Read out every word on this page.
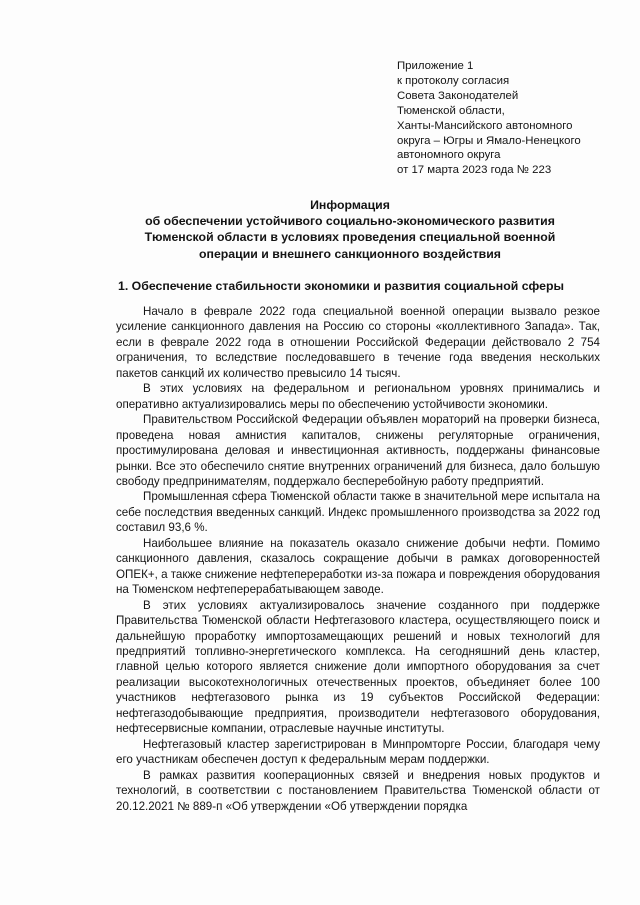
Приложение 1
к протоколу согласия
Совета Законодателей
Тюменской области,
Ханты-Мансийского автономного
округа – Югры и Ямало-Ненецкого
автономного округа
от 17 марта 2023 года № 223
Информация
об обеспечении устойчивого социально-экономического развития
Тюменской области в условиях проведения специальной военной
операции и внешнего санкционного воздействия
1. Обеспечение стабильности экономики и развития социальной сферы

Начало в феврале 2022 года специальной военной операции вызвало резкое усиление санкционного давления на Россию со стороны «коллективного Запада». Так, если в феврале 2022 года в отношении Российской Федерации действовало 2 754 ограничения, то вследствие последовавшего в течение года введения нескольких пакетов санкций их количество превысило 14 тысяч.

В этих условиях на федеральном и региональном уровнях принимались и оперативно актуализировались меры по обеспечению устойчивости экономики.

Правительством Российской Федерации объявлен мораторий на проверки бизнеса, проведена новая амнистия капиталов, снижены регуляторные ограничения, простимулирована деловая и инвестиционная активность, поддержаны финансовые рынки. Все это обеспечило снятие внутренних ограничений для бизнеса, дало большую свободу предпринимателям, поддержало бесперебойную работу предприятий.

Промышленная сфера Тюменской области также в значительной мере испытала на себе последствия введенных санкций. Индекс промышленного производства за 2022 год составил 93,6 %.

Наибольшее влияние на показатель оказало снижение добычи нефти. Помимо санкционного давления, сказалось сокращение добычи в рамках договоренностей ОПЕК+, а также снижение нефтепереработки из-за пожара и повреждения оборудования на Тюменском нефтеперерабатывающем заводе.

В этих условиях актуализировалось значение созданного при поддержке Правительства Тюменской области Нефтегазового кластера, осуществляющего поиск и дальнейшую проработку импортозамещающих решений и новых технологий для предприятий топливно-энергетического комплекса. На сегодняшний день кластер, главной целью которого является снижение доли импортного оборудования за счет реализации высокотехнологичных отечественных проектов, объединяет более 100 участников нефтегазового рынка из 19 субъектов Российской Федерации: нефтегазодобывающие предприятия, производители нефтегазового оборудования, нефтесервисные компании, отраслевые научные институты.

Нефтегазовый кластер зарегистрирован в Минпромторге России, благодаря чему его участникам обеспечен доступ к федеральным мерам поддержки.

В рамках развития кооперационных связей и внедрения новых продуктов и технологий, в соответствии с постановлением Правительства Тюменской области от 20.12.2021 № 889-п «Об утверждении «Об утверждении порядка
